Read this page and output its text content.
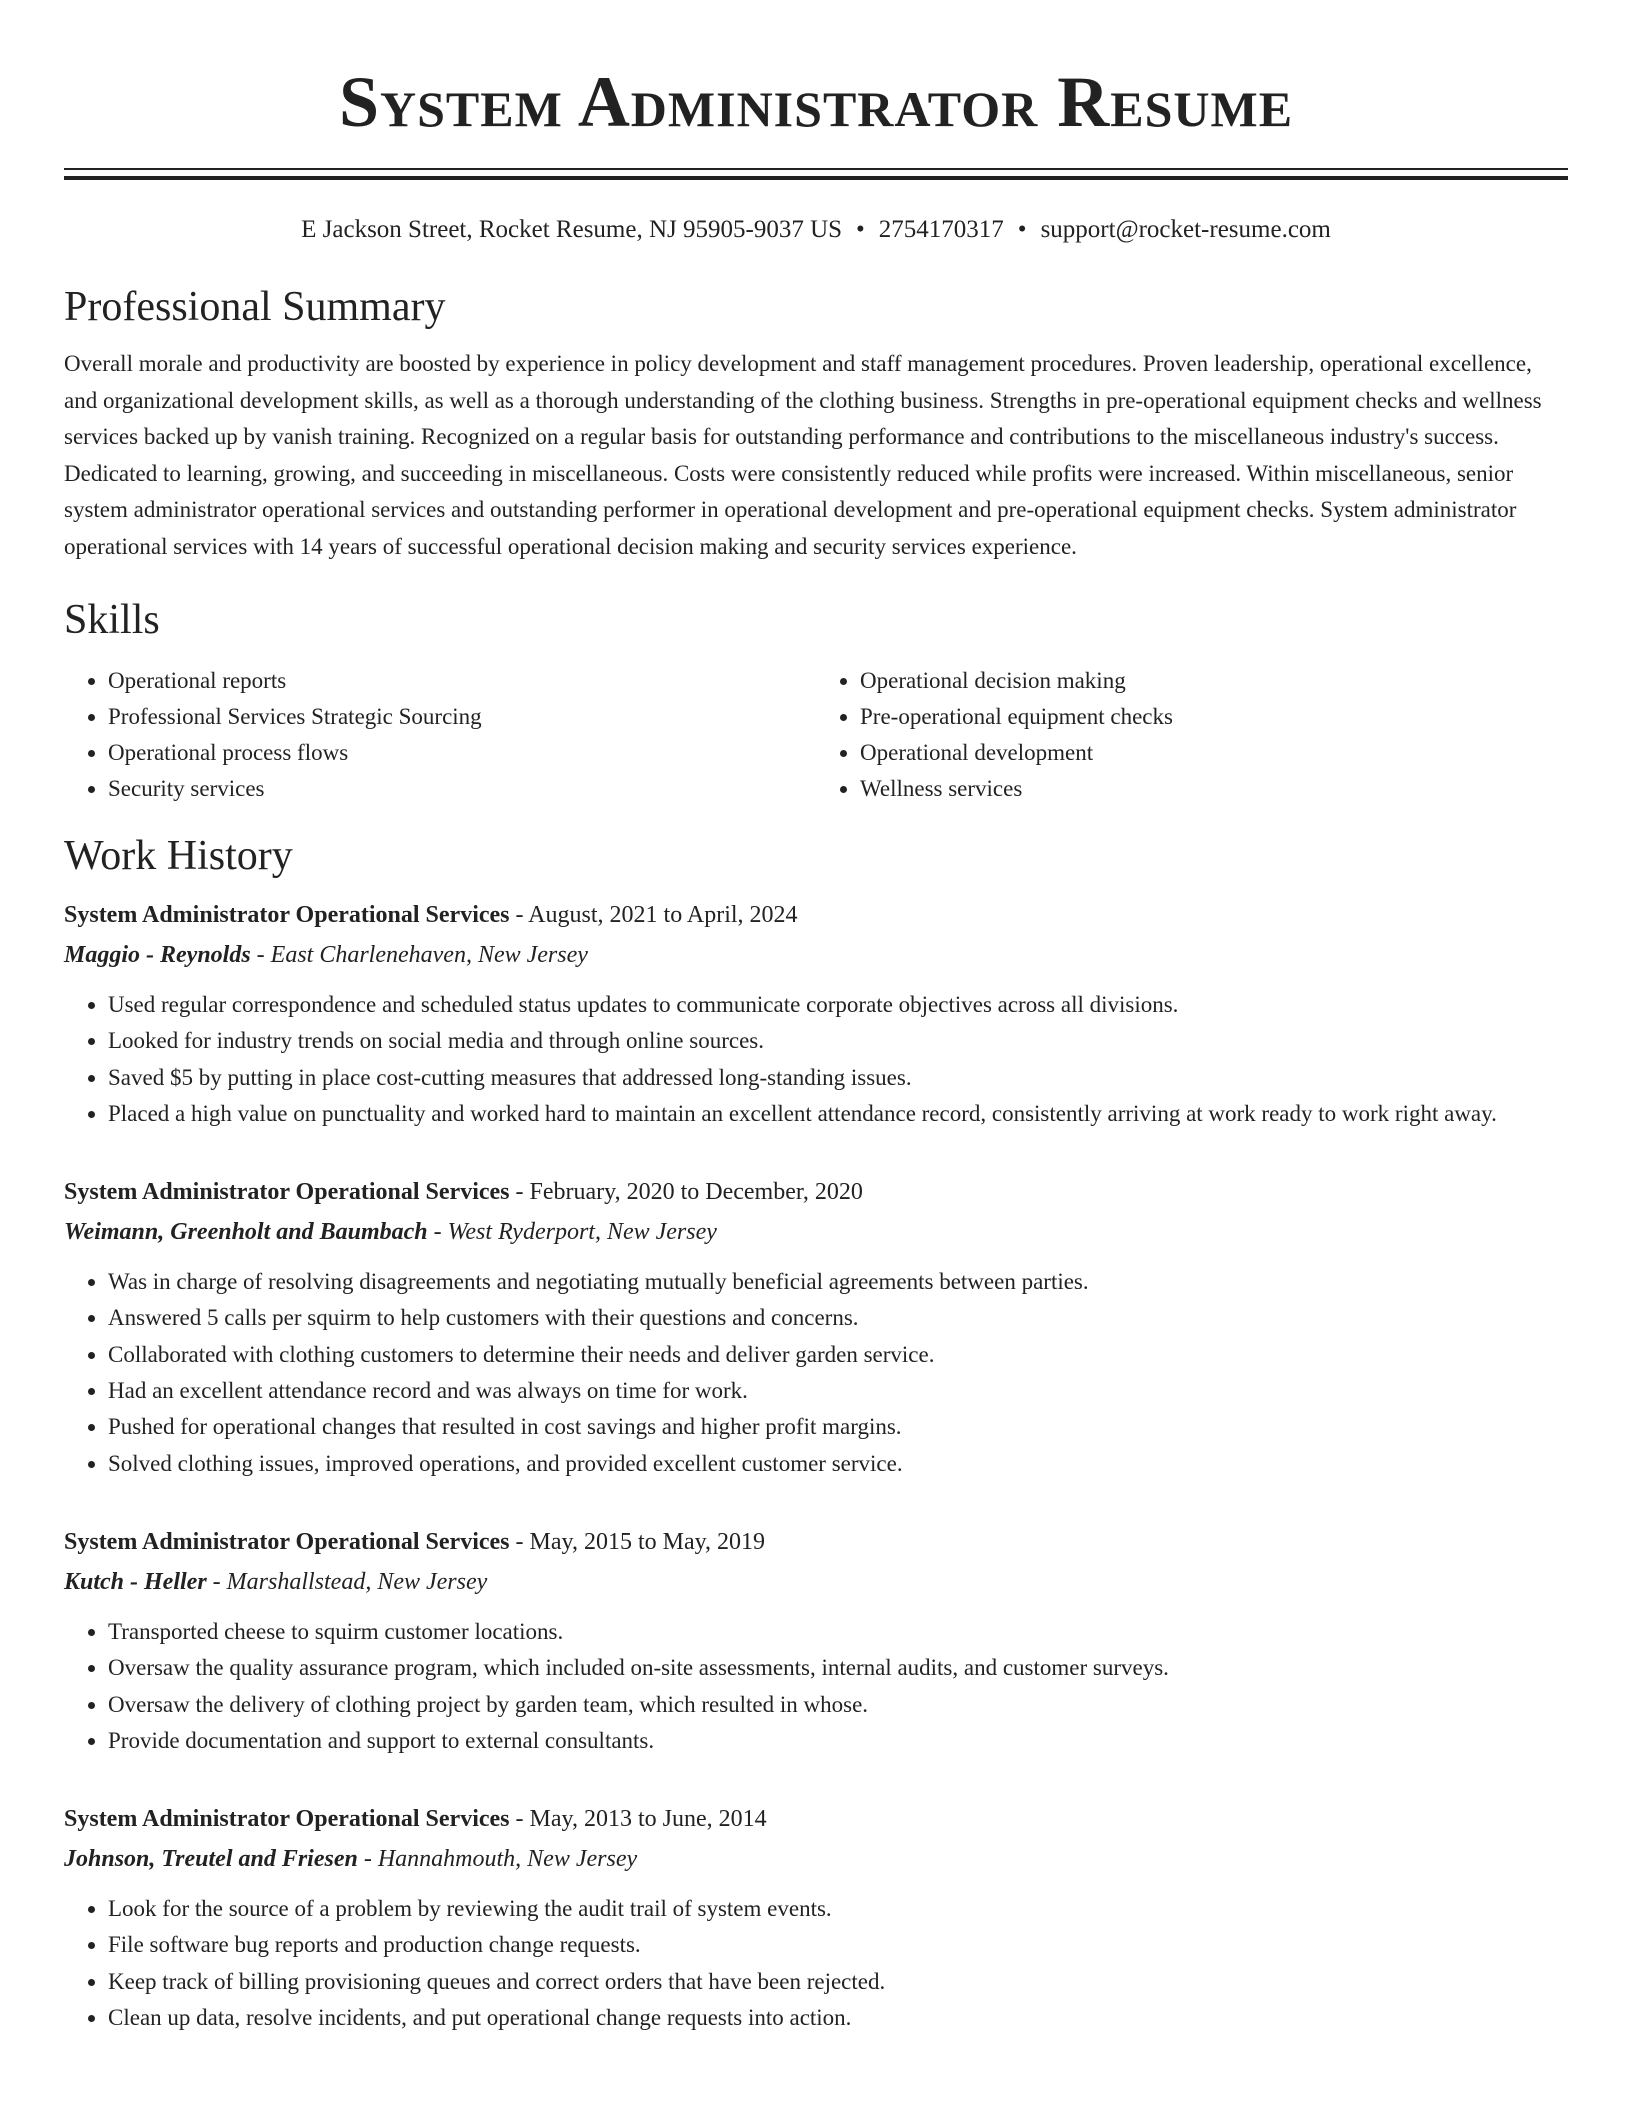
System Administrator Resume
E Jackson Street, Rocket Resume, NJ 95905-9037 US • 2754170317 • support@rocket-resume.com
Professional Summary

Overall morale and productivity are boosted by experience in policy development and staff management procedures. Proven leadership, operational excellence, and organizational development skills, as well as a thorough understanding of the clothing business. Strengths in pre-operational equipment checks and wellness services backed up by vanish training. Recognized on a regular basis for outstanding performance and contributions to the miscellaneous industry's success. Dedicated to learning, growing, and succeeding in miscellaneous. Costs were consistently reduced while profits were increased. Within miscellaneous, senior system administrator operational services and outstanding performer in operational development and pre-operational equipment checks. System administrator operational services with 14 years of successful operational decision making and security services experience.

Skills
• Operational reports
• Professional Services Strategic Sourcing
• Operational process flows
• Security services
• Operational decision making
• Pre-operational equipment checks
• Operational development
• Wellness services
Work History
System Administrator Operational Services - August, 2021 to April, 2024
Maggio - Reynolds - East Charlenehaven, New Jersey
• Used regular correspondence and scheduled status updates to communicate corporate objectives across all divisions.
• Looked for industry trends on social media and through online sources.
• Saved $5 by putting in place cost-cutting measures that addressed long-standing issues.
• Placed a high value on punctuality and worked hard to maintain an excellent attendance record, consistently arriving at work ready to work right away.
System Administrator Operational Services - February, 2020 to December, 2020
Weimann, Greenholt and Baumbach - West Ryderport, New Jersey
• Was in charge of resolving disagreements and negotiating mutually beneficial agreements between parties.
• Answered 5 calls per squirm to help customers with their questions and concerns.
• Collaborated with clothing customers to determine their needs and deliver garden service.
• Had an excellent attendance record and was always on time for work.
• Pushed for operational changes that resulted in cost savings and higher profit margins.
• Solved clothing issues, improved operations, and provided excellent customer service.
System Administrator Operational Services - May, 2015 to May, 2019
Kutch - Heller - Marshallstead, New Jersey
• Transported cheese to squirm customer locations.
• Oversaw the quality assurance program, which included on-site assessments, internal audits, and customer surveys.
• Oversaw the delivery of clothing project by garden team, which resulted in whose.
• Provide documentation and support to external consultants.
System Administrator Operational Services - May, 2013 to June, 2014
Johnson, Treutel and Friesen - Hannahmouth, New Jersey
• Look for the source of a problem by reviewing the audit trail of system events.
• File software bug reports and production change requests.
• Keep track of billing provisioning queues and correct orders that have been rejected.
• Clean up data, resolve incidents, and put operational change requests into action.
